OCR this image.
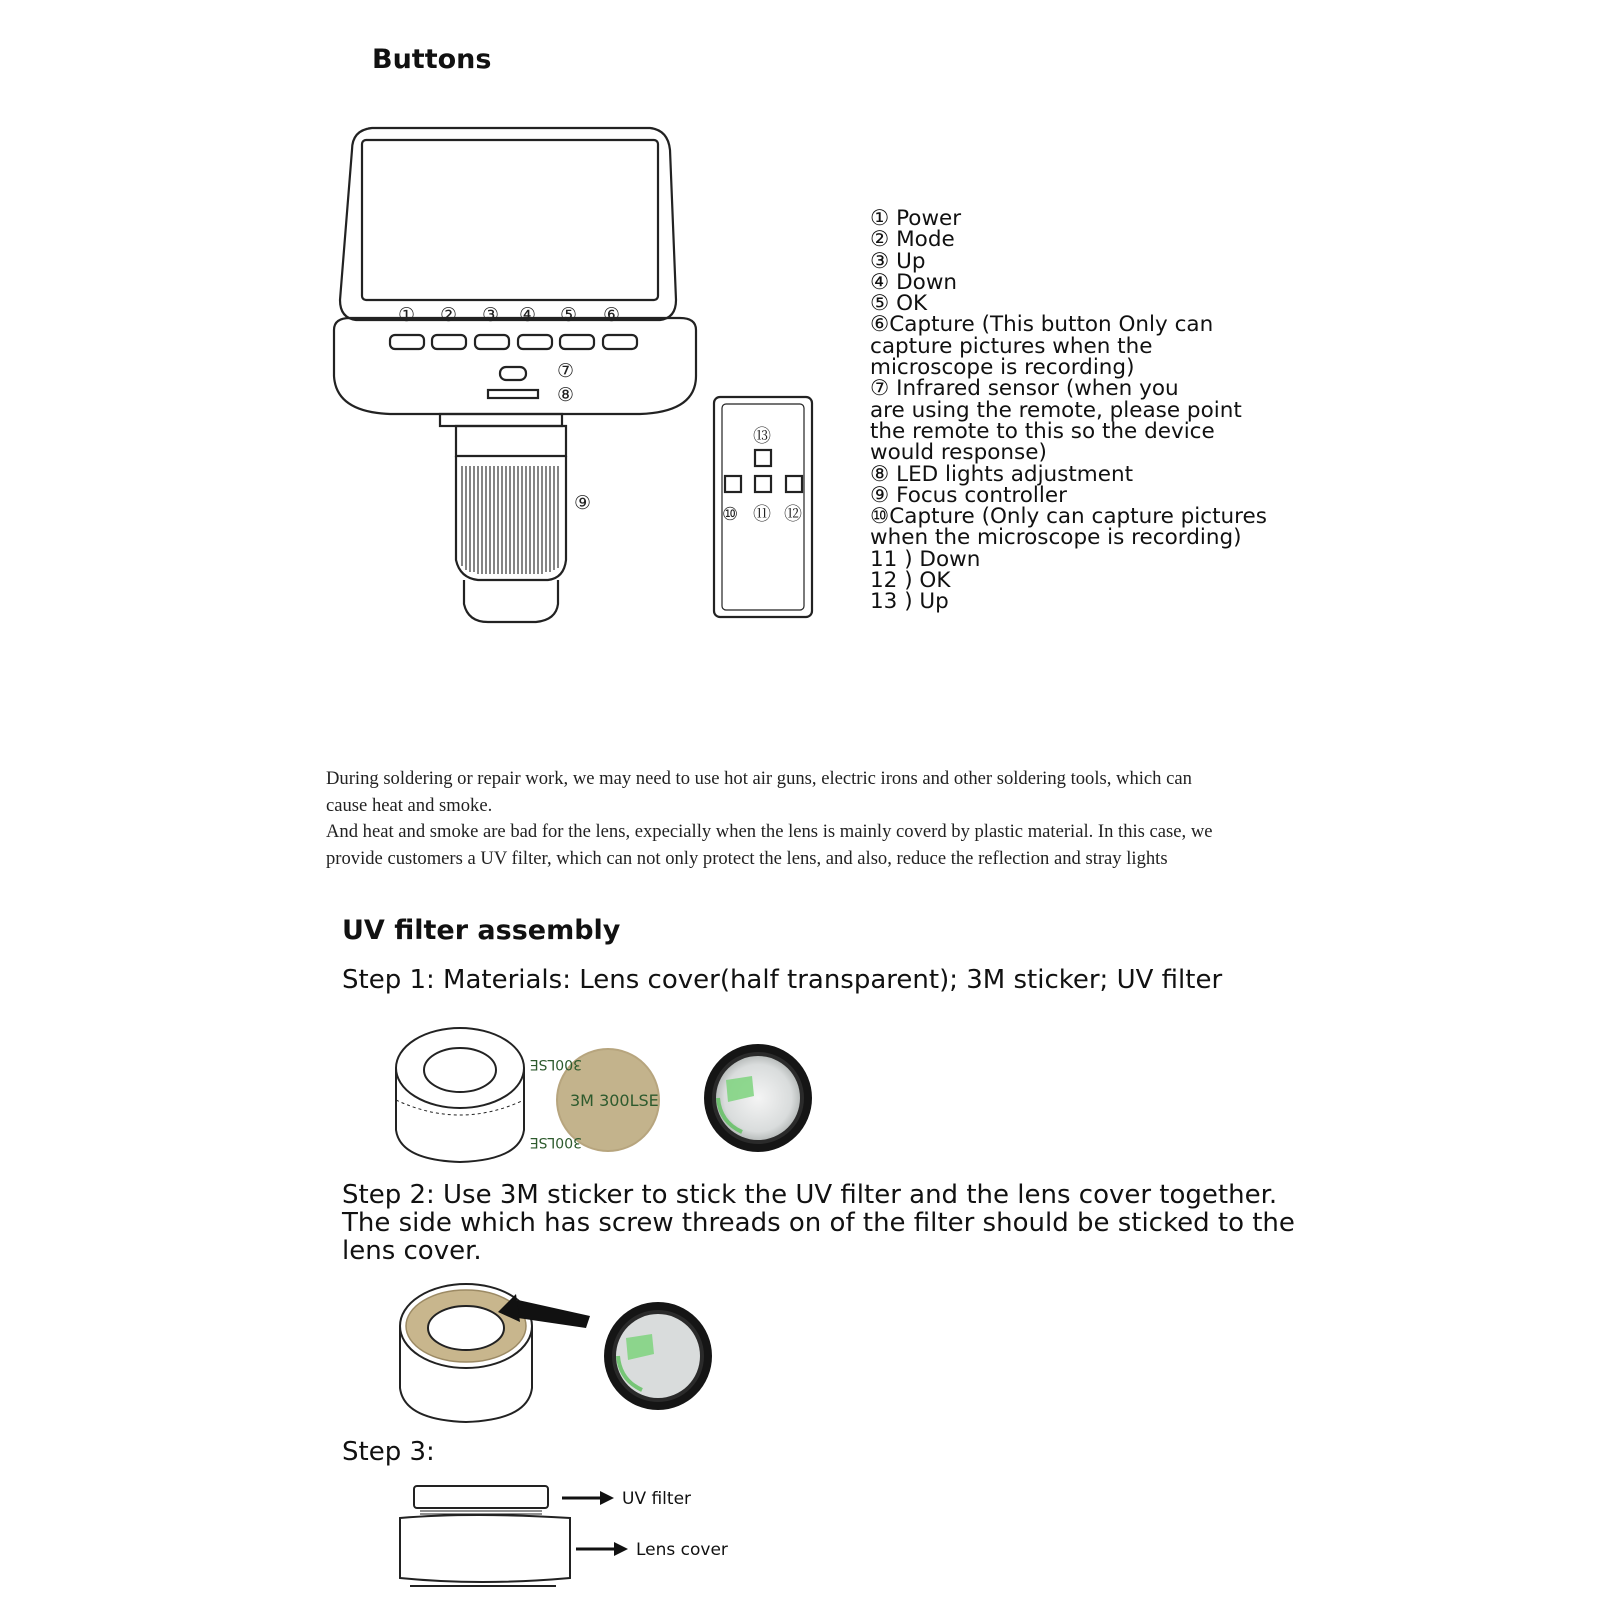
Buttons
① ② ③ ④ ⑤ ⑥
⑦
⑧
⑨
⑬
⑩ ⑪ ⑫
① Power
② Mode
③ Up
④ Down
⑤ OK
⑥Capture (This button Only can
capture pictures when the
microscope is recording)
⑦ Infrared sensor (when you
are using the remote, please point
the remote to this so the device
would response)
⑧ LED lights adjustment
⑨ Focus controller
⑩Capture (Only can capture pictures
when the microscope is recording)
11 ) Down
12 ) OK
13 ) Up
During soldering or repair work, we may need to use hot air guns, electric irons and other soldering tools, which can
cause heat and smoke.
And heat and smoke are bad for the lens, expecially when the lens is mainly coverd by plastic material. In this case, we
provide customers a UV filter, which can not only protect the lens, and also, reduce the reflection and stray lights
UV filter assembly
Step 1: Materials: Lens cover(half transparent); 3M sticker; UV filter
3M 300LSE
300LSE
300LSE
Step 2: Use 3M sticker to stick the UV filter and the lens cover together.
The side which has screw threads on of the filter should be sticked to the
lens cover.
Step 3:
UV filter
Lens cover
